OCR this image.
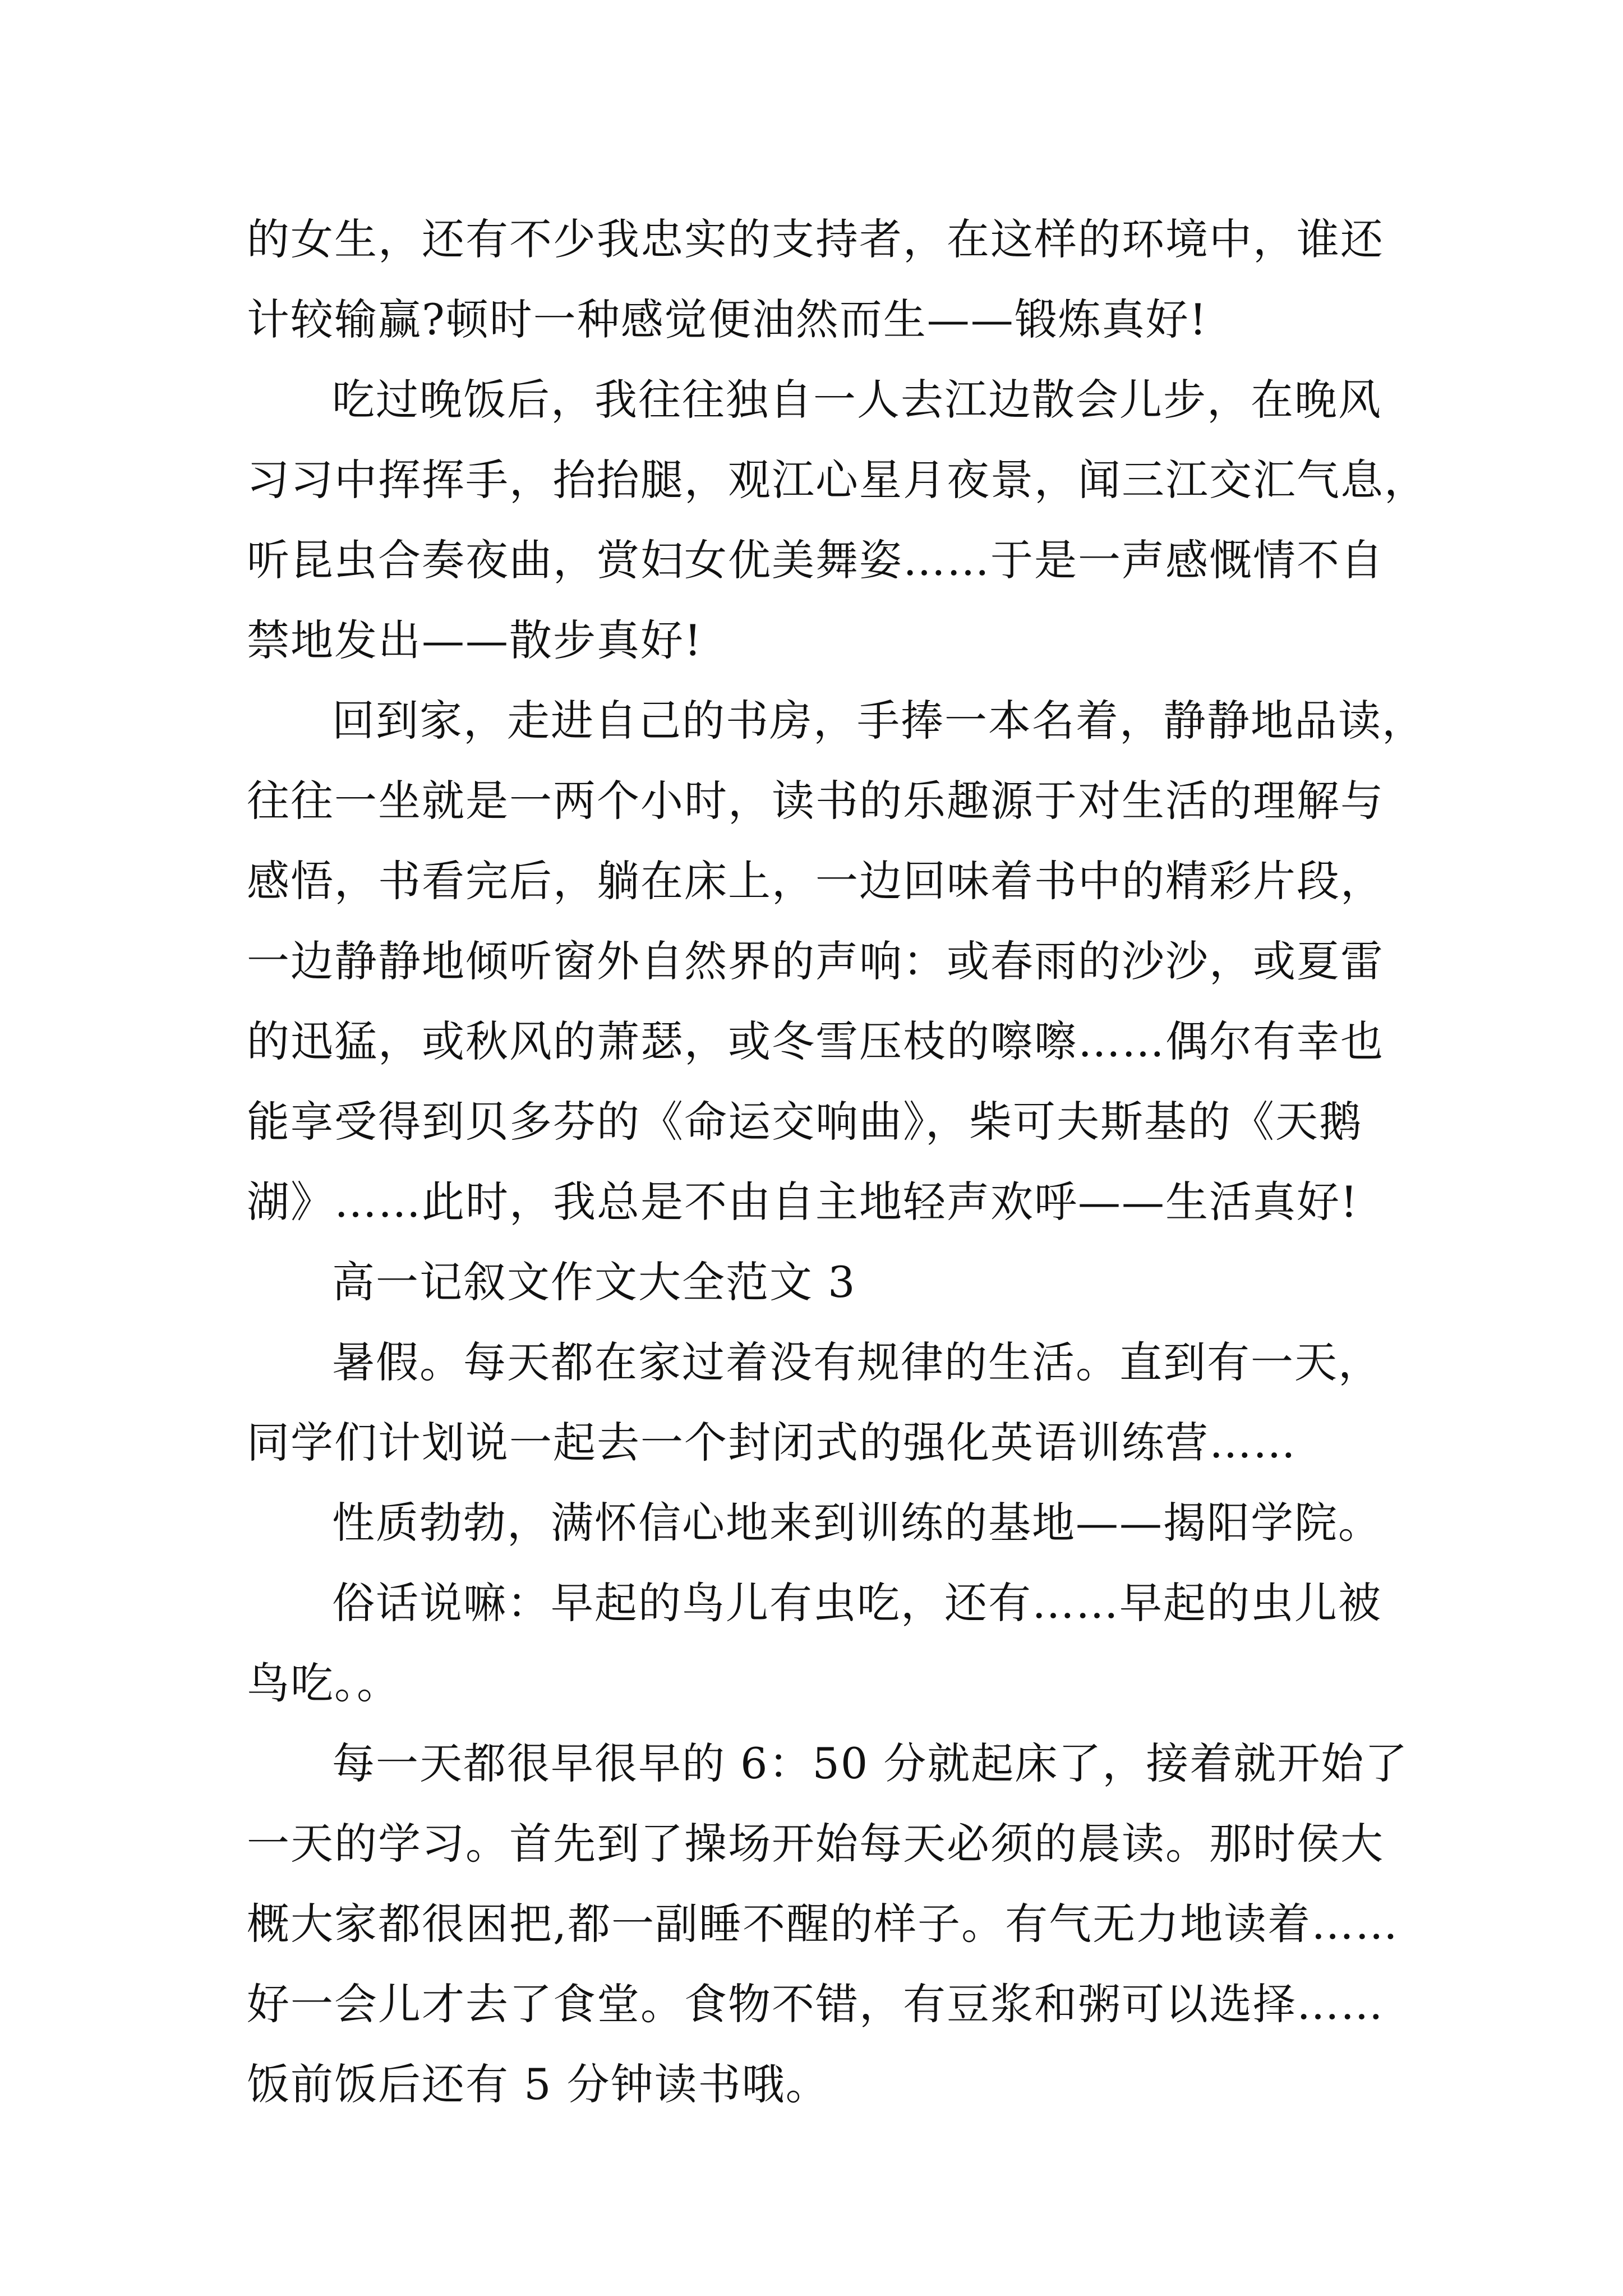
的女生，还有不少我忠实的支持者，在这样的环境中，谁还
计较输赢?顿时一种感觉便油然而生——锻炼真好!
吃过晚饭后，我往往独自一人去江边散会儿步，在晚风
习习中挥挥手，抬抬腿，观江心星月夜景，闻三江交汇气息，
听昆虫合奏夜曲，赏妇女优美舞姿……于是一声感慨情不自
禁地发出——散步真好!
回到家，走进自己的书房，手捧一本名着，静静地品读，
往往一坐就是一两个小时，读书的乐趣源于对生活的理解与
感悟，书看完后，躺在床上，一边回味着书中的精彩片段，
一边静静地倾听窗外自然界的声响：或春雨的沙沙，或夏雷
的迅猛，或秋风的萧瑟，或冬雪压枝的嚓嚓……偶尔有幸也
能享受得到贝多芬的《命运交响曲》，柴可夫斯基的《天鹅
湖》……此时，我总是不由自主地轻声欢呼——生活真好!
高一记叙文作文大全范文 3
暑假。每天都在家过着没有规律的生活。直到有一天，
同学们计划说一起去一个封闭式的强化英语训练营……
性质勃勃，满怀信心地来到训练的基地——揭阳学院。
俗话说嘛：早起的鸟儿有虫吃，还有……早起的虫儿被
鸟吃。。
每一天都很早很早的 6：50 分就起床了，接着就开始了
一天的学习。首先到了操场开始每天必须的晨读。那时侯大
概大家都很困把,都一副睡不醒的样子。有气无力地读着……
好一会儿才去了食堂。食物不错，有豆浆和粥可以选择……
饭前饭后还有 5 分钟读书哦。
